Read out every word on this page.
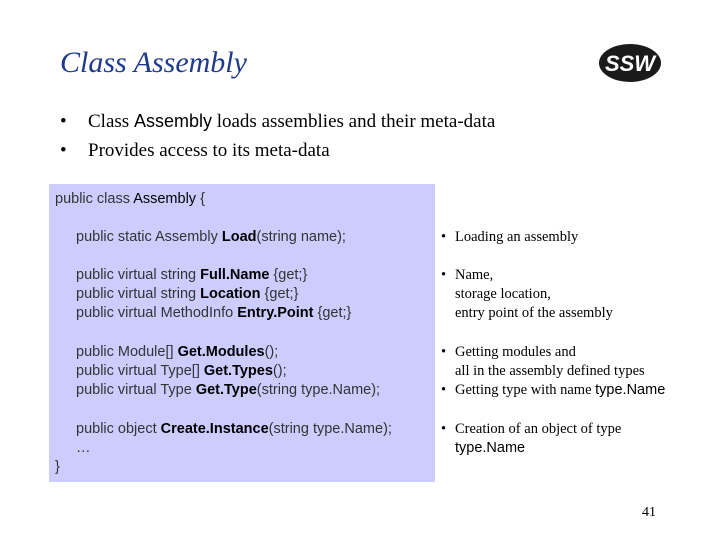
Class Assembly	SSW
• Class Assembly loads assemblies and their meta-data
• Provides access to its meta-data
public class Assembly {
public static Assembly Load(string name);
public virtual string Full.Name {get;}
public virtual string Location {get;}
public virtual MethodInfo Entry.Point {get;}
public Module[] Get.Modules();
public virtual Type[] Get.Types();
public virtual Type Get.Type(string type.Name);
public object Create.Instance(string type.Name);
…
}
• Loading an assembly
• Name,
storage location,
entry point of the assembly
• Getting modules and
all in the assembly defined types
• Getting type with name type.Name
• Creation of an object of type
type.Name
41
